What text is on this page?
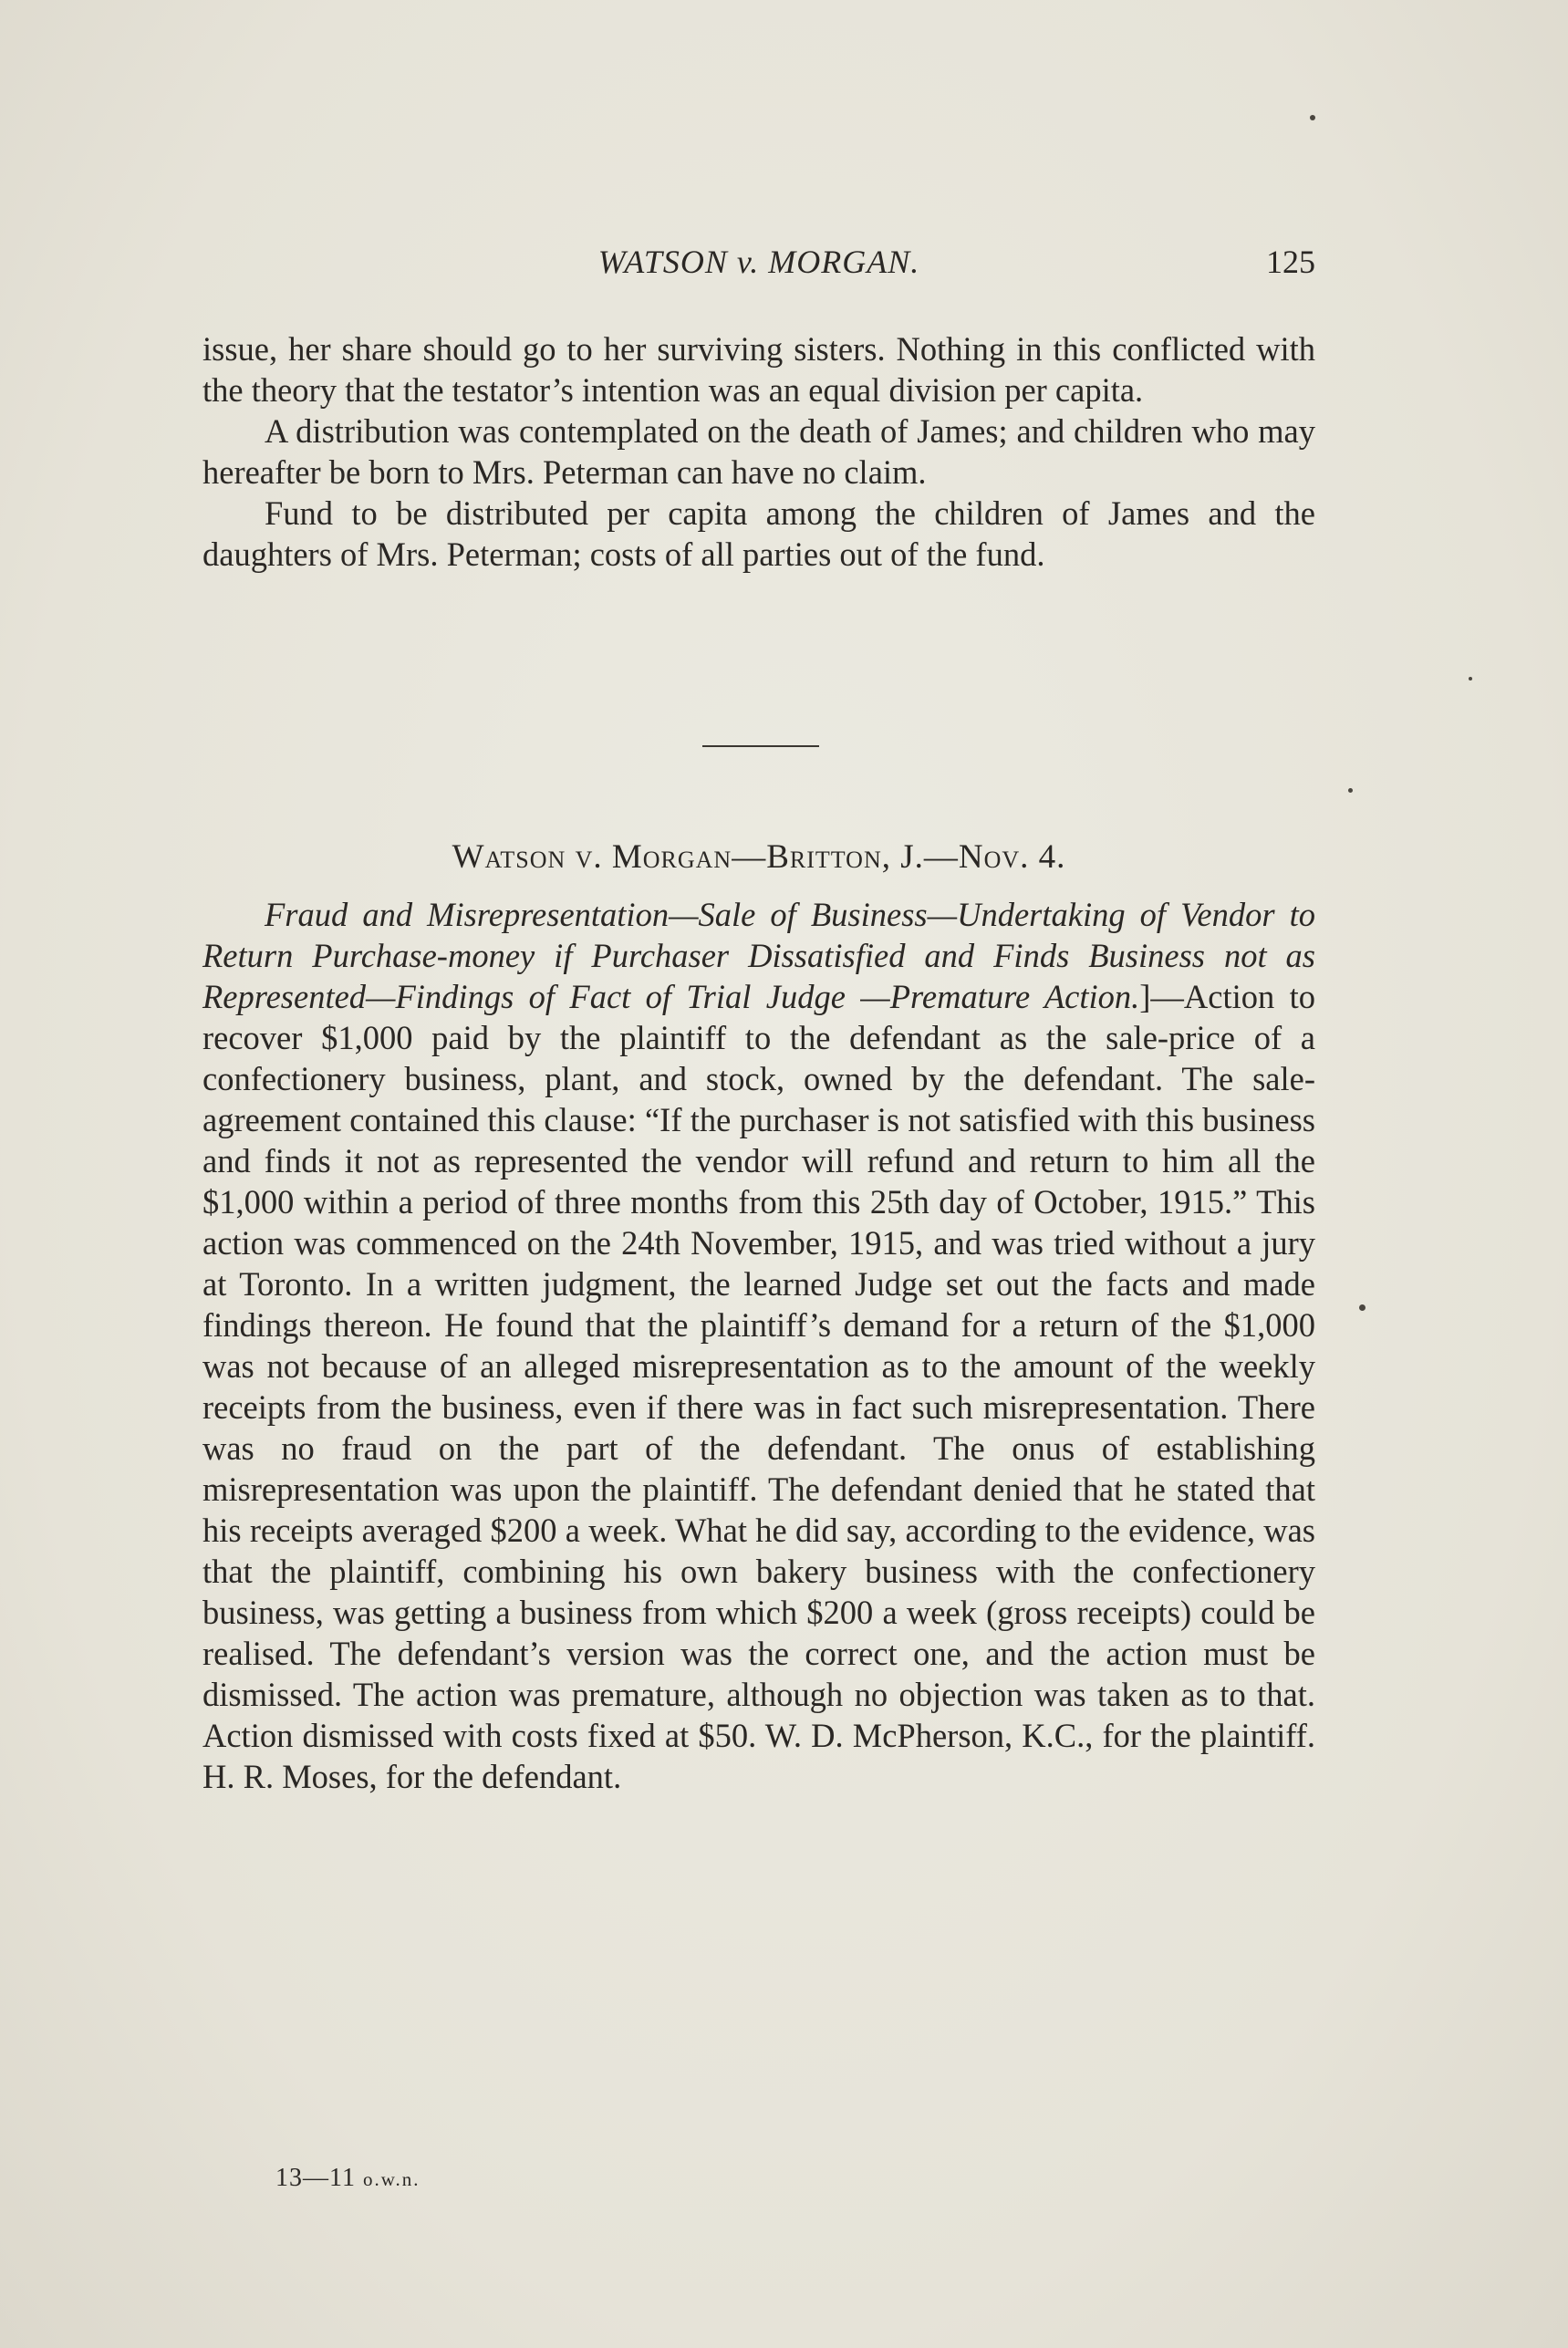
WATSON v. MORGAN.	125

issue, her share should go to her surviving sisters. Nothing in this conflicted with the theory that the testator’s intention was an equal division per capita.

A distribution was contemplated on the death of James; and children who may hereafter be born to Mrs. Peterman can have no claim.

Fund to be distributed per capita among the children of James and the daughters of Mrs. Peterman; costs of all parties out of the fund.

Watson v. Morgan—Britton, J.—Nov. 4.

Fraud and Misrepresentation—Sale of Business—Undertaking of Vendor to Return Purchase-money if Purchaser Dissatisfied and Finds Business not as Represented—Findings of Fact of Trial Judge —Premature Action.]—Action to recover $1,000 paid by the plaintiff to the defendant as the sale-price of a confectionery business, plant, and stock, owned by the defendant. The sale-agreement contained this clause: “If the purchaser is not satisfied with this business and finds it not as represented the vendor will refund and return to him all the $1,000 within a period of three months from this 25th day of October, 1915.” This action was commenced on the 24th November, 1915, and was tried without a jury at Toronto. In a written judgment, the learned Judge set out the facts and made findings thereon. He found that the plaintiff’s demand for a return of the $1,000 was not because of an alleged misrepresentation as to the amount of the weekly receipts from the business, even if there was in fact such misrepresentation. There was no fraud on the part of the defendant. The onus of establishing misrepresentation was upon the plaintiff. The defendant denied that he stated that his receipts averaged $200 a week. What he did say, according to the evidence, was that the plaintiff, combining his own bakery business with the confectionery business, was getting a business from which $200 a week (gross receipts) could be realised. The defendant’s version was the correct one, and the action must be dismissed. The action was premature, although no objection was taken as to that. Action dismissed with costs fixed at $50. W. D. McPherson, K.C., for the plaintiff. H. R. Moses, for the defendant.

13—11 o.w.n.
